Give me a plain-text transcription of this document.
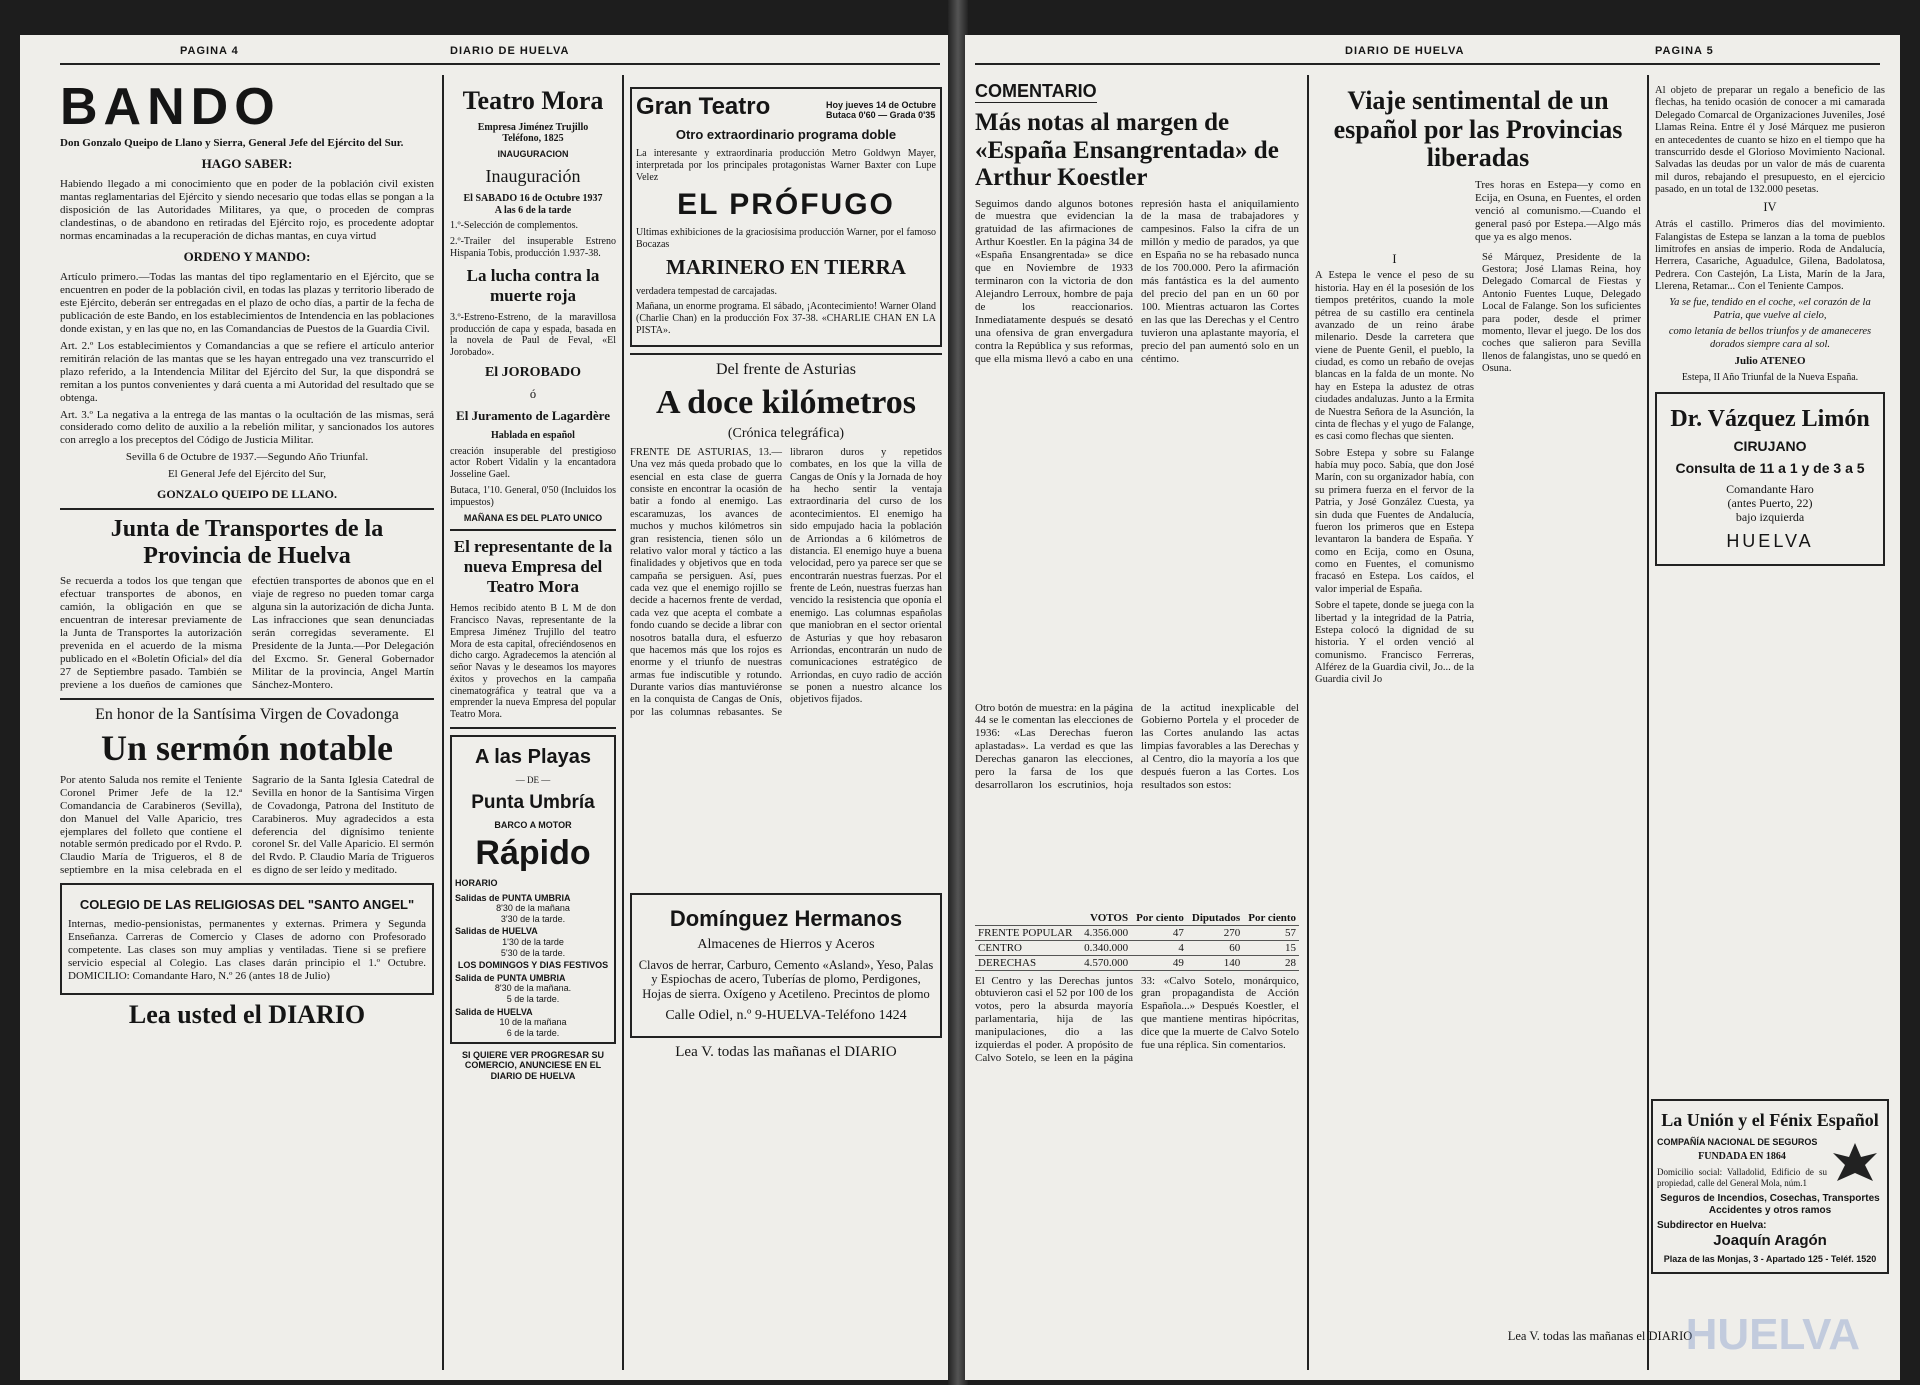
PAGINA 4	DIARIO DE HUELVA
BANDO
Don Gonzalo Queipo de Llano y Sierra, General Jefe del Ejército del Sur.
HAGO SABER:
Habiendo llegado a mi conocimiento que en poder de la población civil existen mantas reglamentarias del Ejército y siendo necesario que todas ellas se pongan a la disposición de las Autoridades Militares, ya que, o proceden de compras clandestinas, o de abandono en retiradas del Ejército rojo, es procedente adoptar normas encaminadas a la recuperación de dichas mantas, en cuya virtud
ORDENO Y MANDO:
Artículo primero.—Todas las mantas del tipo reglamentario en el Ejército, que se encuentren en poder de la población civil, en todas las plazas y territorio liberado de este Ejército, deberán ser entregadas en el plazo de ocho días, a partir de la fecha de publicación de este Bando, en los establecimientos de Intendencia en las poblaciones donde existan, y en las que no, en las Comandancias de Puestos de la Guardia Civil.
Art. 2.º Los establecimientos y Comandancias a que se refiere el artículo anterior remitirán relación de las mantas que se les hayan entregado una vez transcurrido el plazo referido, a la Intendencia Militar del Ejército del Sur, la que dispondrá se remitan a los puntos convenientes y dará cuenta a mi Autoridad del resultado que se obtenga.
Art. 3.º La negativa a la entrega de las mantas o la ocultación de las mismas, será considerado como delito de auxilio a la rebelión militar, y sancionados los autores con arreglo a los preceptos del Código de Justicia Militar.
Sevilla 6 de Octubre de 1937.—Segundo Año Triunfal.
El General Jefe del Ejército del Sur,
GONZALO QUEIPO DE LLANO.
Junta de Transportes de la Provincia de Huelva
Se recuerda a todos los que tengan que efectuar transportes de abonos, en camión, la obligación en que se encuentran de interesar previamente de la Junta de Transportes la autorización prevenida en el acuerdo de la misma publicado en el «Boletín Oficial» del día 27 de Septiembre pasado. También se previene a los dueños de camiones que efectúen transportes de abonos que en el viaje de regreso no pueden tomar carga alguna sin la autorización de dicha Junta. Las infracciones que sean denunciadas serán corregidas severamente. El Presidente de la Junta.—Por Delegación del Excmo. Sr. General Gobernador Militar de la provincia, Angel Martín Sánchez-Montero.
En honor de la Santísima Virgen de Covadonga
Un sermón notable
Por atento Saluda nos remite el Teniente Coronel Primer Jefe de la 12.ª Comandancia de Carabineros (Sevilla), don Manuel del Valle Aparicio, tres ejemplares del folleto que contiene el notable sermón predicado por el Rvdo. P. Claudio María de Trigueros, el 8 de septiembre en la misa celebrada en el Sagrario de la Santa Iglesia Catedral de Sevilla en honor de la Santísima Virgen de Covadonga, Patrona del Instituto de Carabineros. Muy agradecidos a esta deferencia del dignísimo teniente coronel Sr. del Valle Aparicio. El sermón del Rvdo. P. Claudio María de Trigueros es digno de ser leído y meditado.
COLEGIO DE LAS RELIGIOSAS DEL "SANTO ANGEL"
Internas, medio-pensionistas, permanentes y externas. Primera y Segunda Enseñanza. Carreras de Comercio y Clases de adorno con Profesorado competente. Las clases son muy amplias y ventiladas. Tiene si se prefiere servicio especial al Colegio. Las clases darán principio el 1.º Octubre. DOMICILIO: Comandante Haro, N.º 26 (antes 18 de Julio)
Lea usted el DIARIO
Teatro Mora
Empresa Jiménez Trujillo
Teléfono, 1825
INAUGURACION
Inauguración
El SABADO 16 de Octubre 1937
A las 6 de la tarde
1.º-Selección de complementos.
2.º-Trailer del insuperable Estreno Hispania Tobis, producción 1.937-38.
La lucha contra la muerte roja
3.º-Estreno-Estreno, de la maravillosa producción de capa y espada, basada en la novela de Paul de Feval, «El Jorobado».
El JOROBADO
ó
El Juramento de Lagardère
Hablada en español
creación insuperable del prestigioso actor Robert Vidalin y la encantadora Josseline Gael.
Butaca, 1'10. General, 0'50 (Incluidos los impuestos)
MAÑANA ES DEL PLATO UNICO
El representante de la nueva Empresa del Teatro Mora
Hemos recibido atento B L M de don Francisco Navas, representante de la Empresa Jiménez Trujillo del teatro Mora de esta capital, ofreciéndosenos en dicho cargo. Agradecemos la atención al señor Navas y le deseamos los mayores éxitos y provechos en la campaña cinematográfica y teatral que va a emprender la nueva Empresa del popular Teatro Mora.
A las Playas
— DE —
Punta Umbría
BARCO A MOTOR
Rápido
HORARIO
Salidas de PUNTA UMBRIA
8'30 de la mañana
3'30 de la tarde.
Salidas de HUELVA
1'30 de la tarde
5'30 de la tarde.
LOS DOMINGOS Y DIAS FESTIVOS
Salida de PUNTA UMBRIA
8'30 de la mañana.
5 de la tarde.
Salida de HUELVA
10 de la mañana
6 de la tarde.
SI QUIERE VER PROGRESAR SU COMERCIO, ANUNCIESE EN EL DIARIO DE HUELVA
Gran Teatro	Hoy jueves 14 de Octubre
Butaca 0'60 — Grada 0'35
Otro extraordinario programa doble
La interesante y extraordinaria producción Metro Goldwyn Mayer, interpretada por los principales protagonistas Warner Baxter con Lupe Velez
EL PRÓFUGO
Ultimas exhibiciones de la graciosísima producción Warner, por el famoso Bocazas
MARINERO EN TIERRA
verdadera tempestad de carcajadas.
Mañana, un enorme programa. El sábado, ¡Acontecimiento! Warner Oland (Charlie Chan) en la producción Fox 37-38. «CHARLIE CHAN EN LA PISTA».
Del frente de Asturias
A doce kilómetros
(Crónica telegráfica)
FRENTE DE ASTURIAS, 13.—Una vez más queda probado que lo esencial en esta clase de guerra consiste en encontrar la ocasión de batir a fondo al enemigo. Las escaramuzas, los avances de muchos y muchos kilómetros sin gran resistencia, tienen sólo un relativo valor moral y táctico a las finalidades y objetivos que en toda campaña se persiguen. Así, pues cada vez que el enemigo rojillo se decide a hacernos frente de verdad, cada vez que acepta el combate a fondo cuando se decide a librar con nosotros batalla dura, el esfuerzo que hacemos más que los rojos es enorme y el triunfo de nuestras armas fue indiscutible y rotundo. Durante varios días mantuviéronse en la conquista de Cangas de Onís, por las columnas rebasantes. Se libraron duros y repetidos combates, en los que la villa de Cangas de Onís y la Jornada de hoy ha hecho sentir la ventaja extraordinaria del curso de los acontecimientos. El enemigo ha sido empujado hacia la población de Arriondas a 6 kilómetros de distancia. El enemigo huye a buena velocidad, pero ya parece ser que se encontrarán nuestras fuerzas. Por el frente de León, nuestras fuerzas han vencido la resistencia que oponía el enemigo. Las columnas españolas que maniobran en el sector oriental de Asturias y que hoy rebasaron Arriondas, encontrarán un nudo de comunicaciones estratégico de Arriondas, en cuyo radio de acción se ponen a nuestro alcance los objetivos fijados.
Domínguez Hermanos
Almacenes de Hierros y Aceros
Clavos de herrar, Carburo, Cemento «Asland», Yeso, Palas y Espiochas de acero, Tuberías de plomo, Perdigones, Hojas de sierra. Oxígeno y Acetileno. Precintos de plomo
Calle Odiel, n.º 9-HUELVA-Teléfono 1424
Lea V. todas las mañanas el DIARIO
DIARIO DE HUELVA	PAGINA 5
COMENTARIO
Más notas al margen de «España Ensangrentada» de Arthur Koestler
Seguimos dando algunos botones de muestra que evidencian la gratuidad de las afirmaciones de Arthur Koestler. En la página 34 de «España Ensangrentada» se dice que en Noviembre de 1933 terminaron con la victoria de don Alejandro Lerroux, hombre de paja de los reaccionarios. Inmediatamente después se desató una ofensiva de gran envergadura contra la República y sus reformas, que ella misma llevó a cabo en una represión hasta el aniquilamiento de la masa de trabajadores y campesinos. Falso la cifra de un millón y medio de parados, ya que en España no se ha rebasado nunca de los 700.000. Pero la afirmación más fantástica es la del aumento del precio del pan en un 60 por 100. Mientras actuaron las Cortes en las que las Derechas y el Centro tuvieron una aplastante mayoría, el precio del pan aumentó solo en un céntimo.
Otro botón de muestra: en la página 44 se le comentan las elecciones de 1936: «Las Derechas fueron aplastadas». La verdad es que las Derechas ganaron las elecciones, pero la farsa de los que desarrollaron los escrutinios, hoja de la actitud inexplicable del Gobierno Portela y el proceder de las Cortes anulando las actas limpias favorables a las Derechas y al Centro, dio la mayoría a los que después fueron a las Cortes. Los resultados son estos:
	VOTOS	Por ciento	Diputados	Por ciento
FRENTE POPULAR	4.356.000	47	270	57
CENTRO	0.340.000	4	60	15
DERECHAS	4.570.000	49	140	28
El Centro y las Derechas juntos obtuvieron casi el 52 por 100 de los votos, pero la absurda mayoría parlamentaria, hija de las manipulaciones, dio a las izquierdas el poder. A propósito de Calvo Sotelo, se leen en la página 33: «Calvo Sotelo, monárquico, gran propagandista de Acción Española...» Después Koestler, el que mantiene mentiras hipócritas, dice que la muerte de Calvo Sotelo fue una réplica. Sin comentarios.
Viaje sentimental de un español por las Provincias liberadas
Tres horas en Estepa—y como en Ecija, en Osuna, en Fuentes, el orden venció al comunismo.—Cuando el general pasó por Estepa.—Algo más que ya es algo menos.
I
A Estepa le vence el peso de su historia. Hay en él la posesión de los tiempos pretéritos, cuando la mole pétrea de su castillo era centinela avanzado de un reino árabe milenario. Desde la carretera que viene de Puente Genil, el pueblo, la ciudad, es como un rebaño de ovejas blancas en la falda de un monte. No hay en Estepa la adustez de otras ciudades andaluzas. Junto a la Ermita de Nuestra Señora de la Asunción, la cinta de flechas y el yugo de Falange, es casi como flechas que sienten.
Sobre Estepa y sobre su Falange había muy poco. Sabía, que don José Marín, con su organizador había, con su primera fuerza en el fervor de la Patria, y José González Cuesta, ya sin duda que Fuentes de Andalucía, fueron los primeros que en Estepa levantaron la bandera de España. Y como en Ecija, como en Osuna, como en Fuentes, el comunismo fracasó en Estepa. Los caídos, el valor imperial de España.
Sobre el tapete, donde se juega con la libertad y la integridad de la Patria, Estepa colocó la dignidad de su historia. Y el orden venció al comunismo. Francisco Ferreras, Alférez de la Guardia civil, Jo... de la Guardia civil Jo
Sé Márquez, Presidente de la Gestora; José Llamas Reina, hoy Delegado Comarcal de Fiestas y Antonio Fuentes Luque, Delegado Local de Falange. Son los suficientes para poder, desde el primer momento, llevar el juego. De los dos coches que salieron para Sevilla llenos de falangistas, uno se quedó en Osuna.
Al objeto de preparar un regalo a beneficio de las flechas, ha tenido ocasión de conocer a mi camarada Delegado Comarcal de Organizaciones Juveniles, José Llamas Reina. Entre él y José Márquez me pusieron en antecedentes de cuanto se hizo en el tiempo que ha transcurrido desde el Glorioso Movimiento Nacional. Salvadas las deudas por un valor de más de cuarenta mil duros, rebajando el presupuesto, en el ejercicio pasado, en un total de 132.000 pesetas.
IV
Atrás el castillo. Primeros días del movimiento. Falangistas de Estepa se lanzan a la toma de pueblos limítrofes en ansias de imperio. Roda de Andalucía, Herrera, Casariche, Aguadulce, Gilena, Badolatosa, Pedrera. Con Castejón, La Lista, Marín de la Jara, Llerena, Retamar... Con el Teniente Campos.
Ya se fue, tendido en el coche, «el corazón de la Patria, que vuelve al cielo,
como letanía de bellos triunfos y de amaneceres dorados siempre cara al sol.
Julio ATENEO
Estepa, II Año Triunfal de la Nueva España.
Dr. Vázquez Limón
CIRUJANO
Consulta de 11 a 1 y de 3 a 5
Comandante Haro
(antes Puerto, 22)
bajo izquierda
HUELVA
La Unión y el Fénix Español
COMPAÑÍA NACIONAL DE SEGUROS
FUNDADA EN 1864
Domicilio social: Valladolid, Edificio de su propiedad, calle del General Mola, núm.1
Seguros de Incendios, Cosechas, Transportes Accidentes y otros ramos
Subdirector en Huelva:
Joaquín Aragón
Plaza de las Monjas, 3 - Apartado 125 - Teléf. 1520
Lea V. todas las mañanas el DIARIO
HUELVA
